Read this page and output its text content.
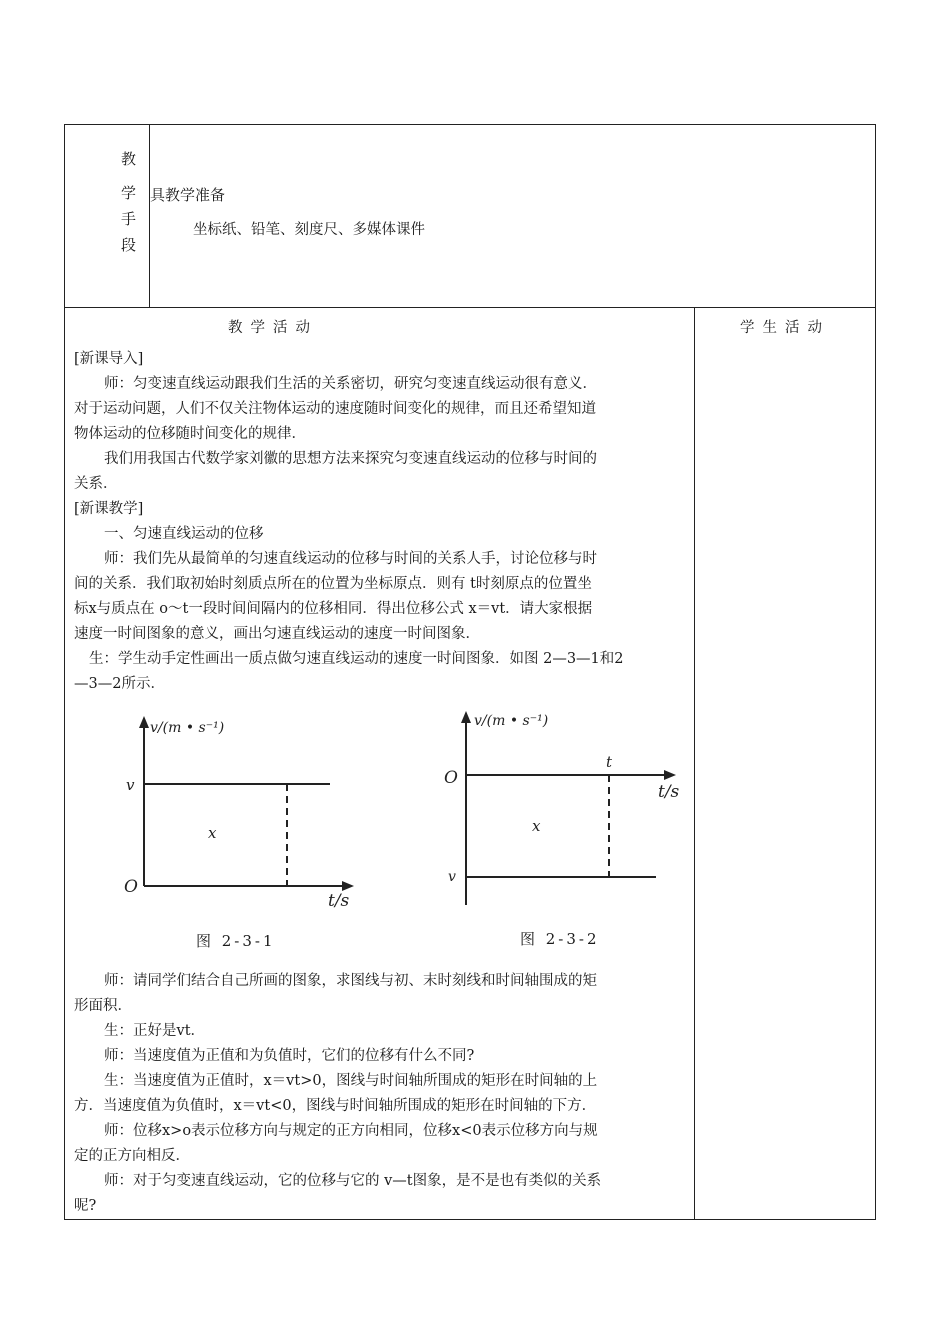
教
学
手
段
具教学准备
坐标纸、铅笔、刻度尺、多媒体课件
教学活动	学生活动
[新课导入]
师：匀变速直线运动跟我们生活的关系密切，研究匀变速直线运动很有意义．
对于运动问题，人们不仅关注物体运动的速度随时间变化的规律，而且还希望知道
物体运动的位移随时间变化的规律．
我们用我国古代数学家刘徽的思想方法来探究匀变速直线运动的位移与时间的
关系．
[新课教学]
一、匀速直线运动的位移
师：我们先从最简单的匀速直线运动的位移与时间的关系人手，讨论位移与时
间的关系．我们取初始时刻质点所在的位置为坐标原点．则有 t时刻原点的位置坐
标x与质点在 o～t一段时间间隔内的位移相同．得出位移公式 x＝vt．请大家根据
速度一时间图象的意义，画出匀速直线运动的速度一时间图象．
生：学生动手定性画出一质点做匀速直线运动的速度一时间图象．如图 2—3—1和2
—3—2所示．
v/(m • s⁻¹)
v
O
x
t/s
图 2-3-1
v/(m • s⁻¹)
O
t
t/s
x
v
图 2-3-2
师：请同学们结合自己所画的图象，求图线与初、末时刻线和时间轴围成的矩
形面积．
生：正好是vt．
师：当速度值为正值和为负值时，它们的位移有什么不同?
生：当速度值为正值时，x＝vt>0，图线与时间轴所围成的矩形在时间轴的上
方．当速度值为负值时，x＝vt<0，图线与时间轴所围成的矩形在时间轴的下方．
师：位移x>o表示位移方向与规定的正方向相同，位移x<0表示位移方向与规
定的正方向相反．
师：对于匀变速直线运动，它的位移与它的 v—t图象，是不是也有类似的关系
呢?
